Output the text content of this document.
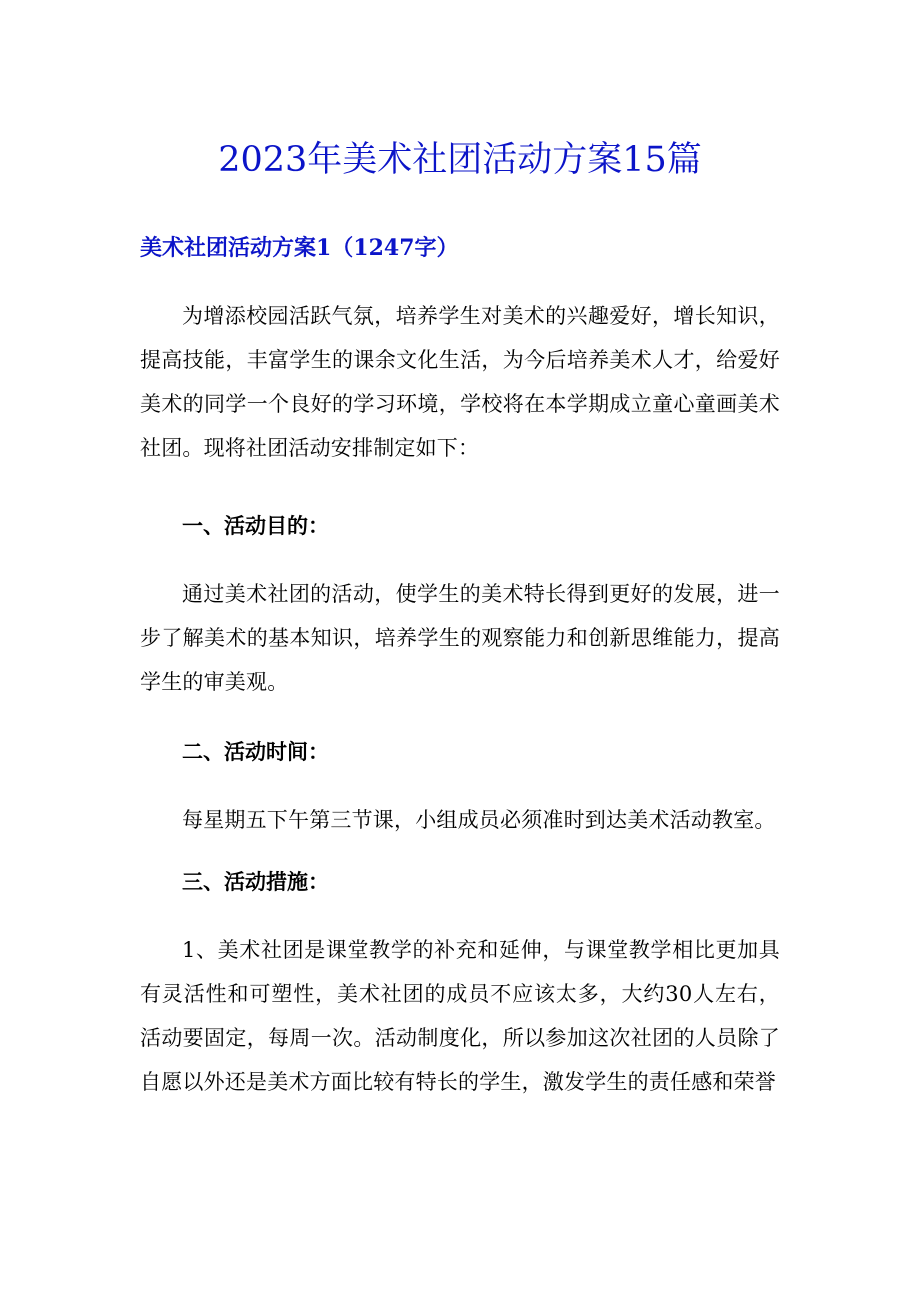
2023年美术社团活动方案15篇
美术社团活动方案1（1247字）

为增添校园活跃气氛，培养学生对美术的兴趣爱好，增长知识，提高技能，丰富学生的课余文化生活，为今后培养美术人才，给爱好美术的同学一个良好的学习环境，学校将在本学期成立童心童画美术社团。现将社团活动安排制定如下：

一、活动目的：

通过美术社团的活动，使学生的美术特长得到更好的发展，进一步了解美术的基本知识，培养学生的观察能力和创新思维能力，提高学生的审美观。

二、活动时间：

每星期五下午第三节课，小组成员必须准时到达美术活动教室。

三、活动措施：

1、美术社团是课堂教学的补充和延伸，与课堂教学相比更加具有灵活性和可塑性，美术社团的成员不应该太多，大约30人左右，活动要固定，每周一次。活动制度化，所以参加这次社团的人员除了自愿以外还是美术方面比较有特长的学生，激发学生的责任感和荣誉
